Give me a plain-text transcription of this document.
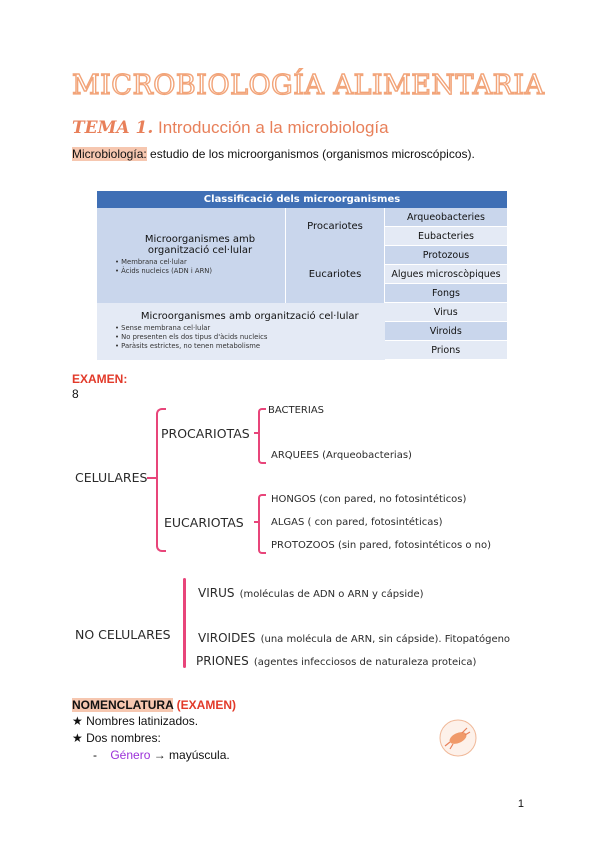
MICROBIOLOGÍA ALIMENTARIA
TEMA 1. Introducción a la microbiología
Microbiología: estudio de los microorganismos (organismos microscópicos).
Classificació dels microorganismes		

Microorganismes amb organització cel·lular
• Membrana cel·lular
• Àcids nucleics (ADN i ARN)	Procariotes	Arqueobacteries
		Eubacteries
	Eucariotes	Protozous
		Algues microscòpiques
		Fongs

Microorganismes amb organització cel·lular
• Sense membrana cel·lular
• No presenten els dos tipus d'àcids nucleics
• Paràsits estrictes, no tenen metabolisme		Virus
		Viroids
		Prions
EXAMEN:
8
CELULARES
PROCARIOTAS
BACTERIAS
ARQUEES (Arqueobacterias)
EUCARIOTAS
HONGOS (con pared, no fotosintéticos)
ALGAS ( con pared, fotosintéticas)
PROTOZOOS (sin pared, fotosintéticos o no)
NO CELULARES
VIRUS (moléculas de ADN o ARN y cápside)
VIROIDES (una molécula de ARN, sin cápside). Fitopatógeno
PRIONES (agentes infecciosos de naturaleza proteica)
NOMENCLATURA (EXAMEN)
★ Nombres latinizados.
★ Dos nombres:
- Género → mayúscula.
1
